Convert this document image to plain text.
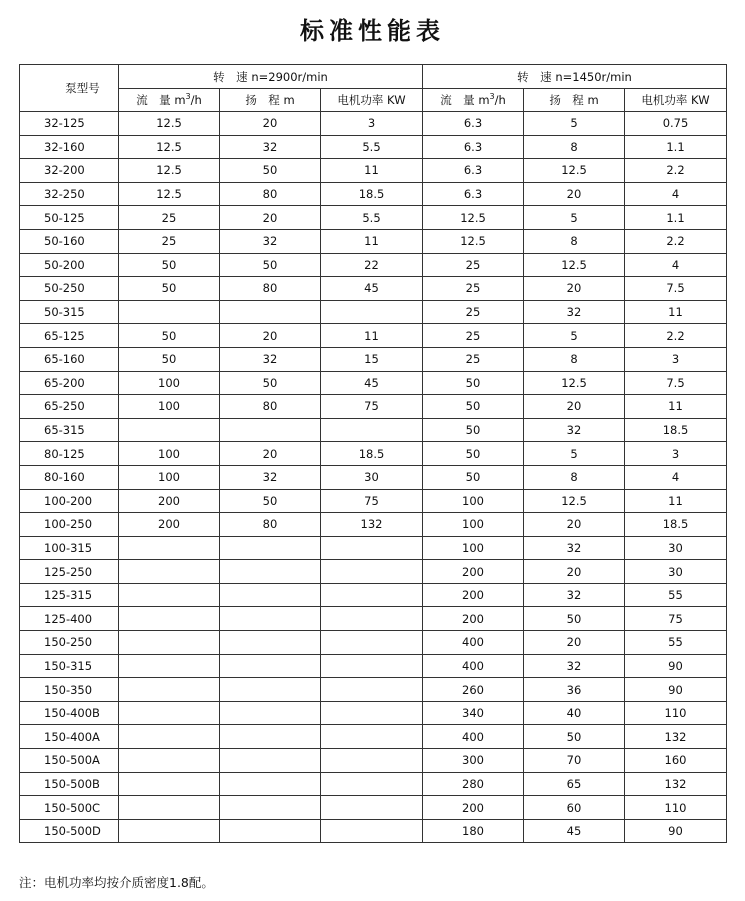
标准性能表
泵型号	转　速 n=2900r/min			转　速 n=1450r/min		
	流　量 $m^3/h$	扬　程 m	电机功率 KW	流　量 $m^3/h$	扬　程 m	电机功率 KW
32-125	12.5	20	3	6.3	5	0.75
32-160	12.5	32	5.5	6.3	8	1.1
32-200	12.5	50	11	6.3	12.5	2.2
32-250	12.5	80	18.5	6.3	20	4
50-125	25	20	5.5	12.5	5	1.1
50-160	25	32	11	12.5	8	2.2
50-200	50	50	22	25	12.5	4
50-250	50	80	45	25	20	7.5
50-315				25	32	11
65-125	50	20	11	25	5	2.2
65-160	50	32	15	25	8	3
65-200	100	50	45	50	12.5	7.5
65-250	100	80	75	50	20	11
65-315				50	32	18.5
80-125	100	20	18.5	50	5	3
80-160	100	32	30	50	8	4
100-200	200	50	75	100	12.5	11
100-250	200	80	132	100	20	18.5
100-315				100	32	30
125-250				200	20	30
125-315				200	32	55
125-400				200	50	75
150-250				400	20	55
150-315				400	32	90
150-350				260	36	90
150-400B				340	40	110
150-400A				400	50	132
150-500A				300	70	160
150-500B				280	65	132
150-500C				200	60	110
150-500D				180	45	90
注：电机功率均按介质密度1.8配。
